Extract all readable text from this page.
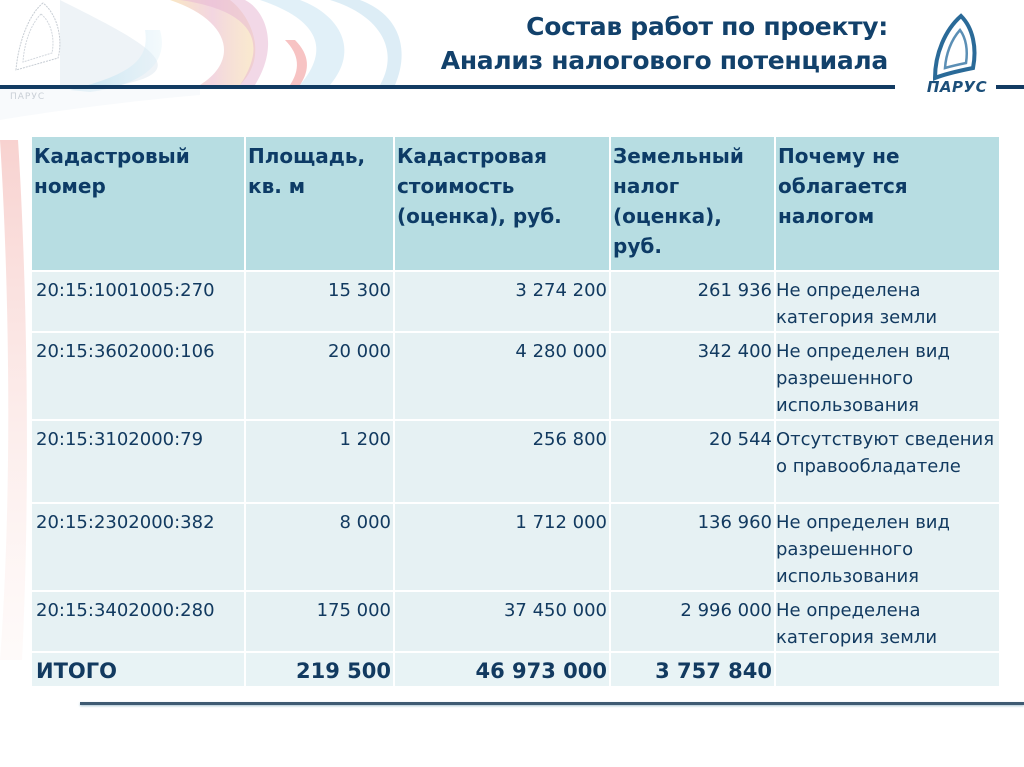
ПАРУС
Состав работ по проекту:
Анализ налогового потенциала
ПАРУС
Кадастровый номер	Площадь, кв. м	Кадастровая стоимость (оценка), руб.	Земельный налог (оценка), руб.	Почему не облагается налогом
20:15:1001005:270	15 300	3 274 200	261 936	Не определена категория земли
20:15:3602000:106	20 000	4 280 000	342 400	Не определен вид разрешенного использования
20:15:3102000:79	1 200	256 800	20 544	Отсутствуют сведения о правообладателе
20:15:2302000:382	8 000	1 712 000	136 960	Не определен вид разрешенного использования
20:15:3402000:280	175 000	37 450 000	2 996 000	Не определена категория земли
ИТОГО	219 500	46 973 000	3 757 840	
